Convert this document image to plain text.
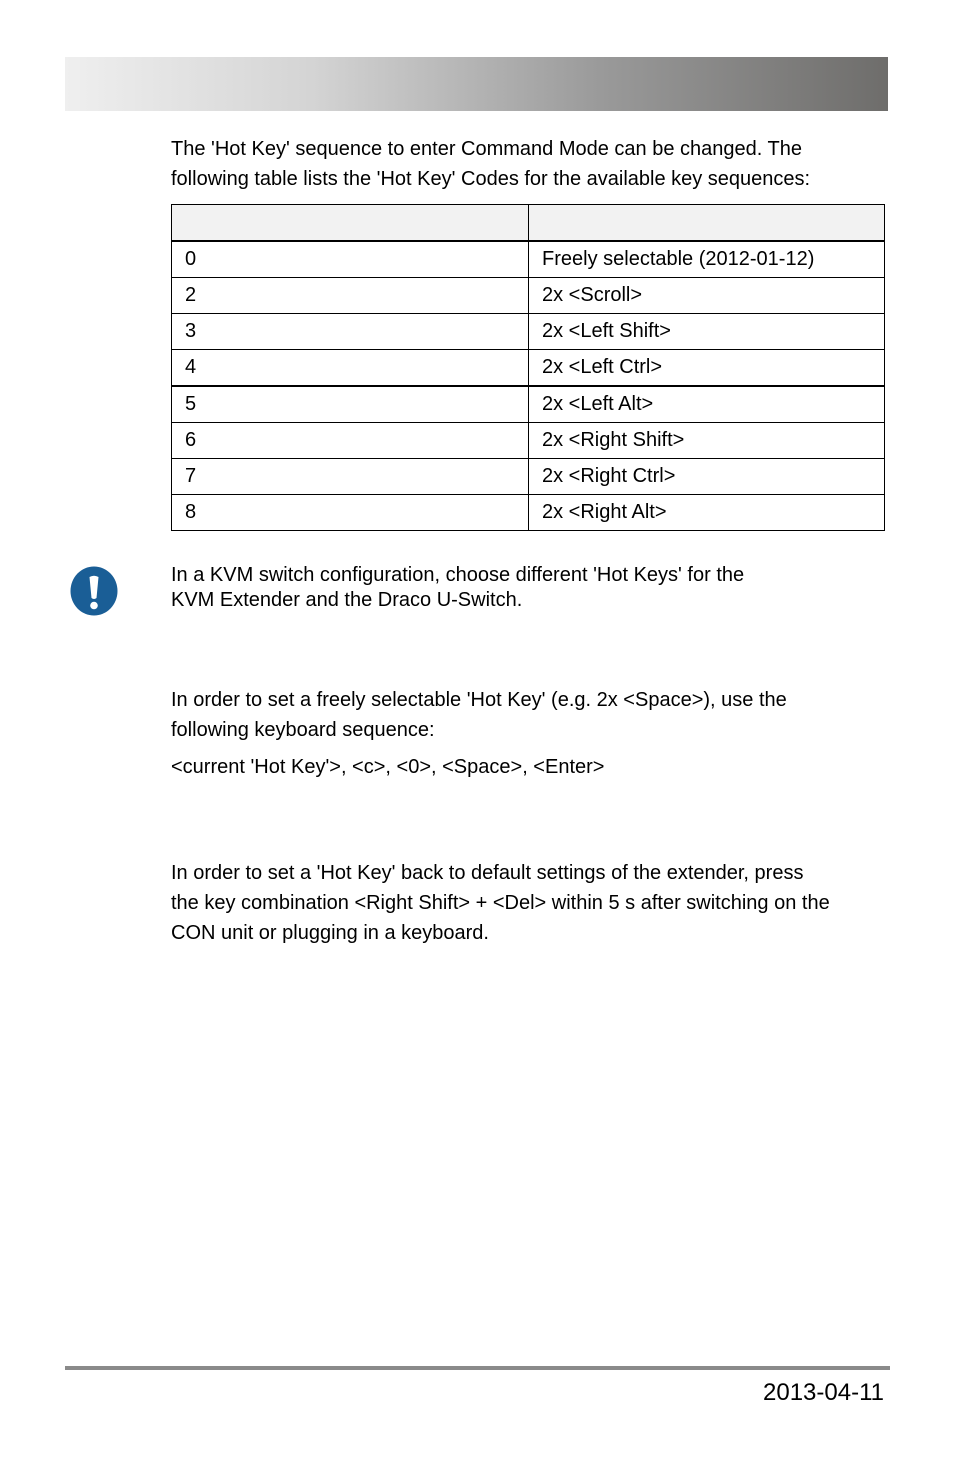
The 'Hot Key' sequence to enter Command Mode can be changed. The
following table lists the 'Hot Key' Codes for the available key sequences:

0	Freely selectable (2012-01-12)
2	2x <Scroll>
3	2x <Left Shift>
4	2x <Left Ctrl>
5	2x <Left Alt>
6	2x <Right Shift>
7	2x <Right Ctrl>
8	2x <Right Alt>

In a KVM switch configuration, choose different 'Hot Keys' for the
KVM Extender and the Draco U-Switch.

In order to set a freely selectable 'Hot Key' (e.g. 2x <Space>), use the
following keyboard sequence:

<current 'Hot Key'>, <c>, <0>, <Space>, <Enter>

In order to set a 'Hot Key' back to default settings of the extender, press
the key combination <Right Shift> + <Del> within 5 s after switching on the
CON unit or plugging in a keyboard.

2013-04-11
